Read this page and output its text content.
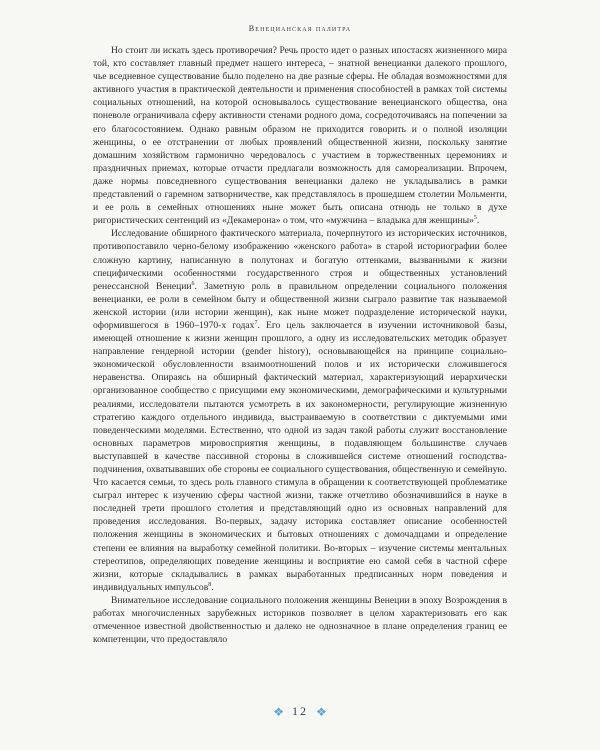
Венецианская палитра

Но стоит ли искать здесь противоречия? Речь просто идет о разных ипостасях жизненного мира той, кто составляет главный предмет нашего интереса, – знатной венецианки далекого прошлого, чье вседневное существование было поделено на две разные сферы. Не обладая возможностями для активного участия в практической деятельности и применения способностей в рамках той системы социальных отношений, на которой основывалось существование венецианского общества, она поневоле ограничивала сферу активности стенами родного дома, сосредоточиваясь на попечении за его благосостоянием. Однако равным образом не приходится говорить и о полной изоляции женщины, о ее отстранении от любых проявлений общественной жизни, поскольку занятие домашним хозяйством гармонично чередовалось с участием в торжественных церемониях и праздничных приемах, которые отчасти предлагали возможность для самореализации. Впрочем, даже нормы повседневного существования венецианки далеко не укладывались в рамки представлений о гаремном затворничестве, как представлялось в прошедшем столетии Мольменти, и ее роль в семейных отношениях ныне может быть описана отнюдь не только в духе ригористических сентенций из «Декамерона» о том, что «мужчина – владыка для женщины»$^5$.

Исследование обширного фактического материала, почерпнутого из исторических источников, противопоставило черно-белому изображению «женского работа» в старой историографии более сложную картину, написанную в полутонах и богатую оттенками, вызванными к жизни специфическими особенностями государственного строя и общественных установлений ренессансной Венеции$^6$. Заметную роль в правильном определении социального положения венецианки, ее роли в семейном быту и общественной жизни сыграло развитие так называемой женской истории (или истории женщин), как ныне может подразделение исторической науки, оформившегося в 1960–1970-х годах$^7$. Его цель заключается в изучении источниковой базы, имеющей отношение к жизни женщин прошлого, а одну из исследовательских методик образует направление гендерной истории (gender history), основывающейся на принципе социально-экономической обусловленности взаимоотношений полов и их исторически сложившегося неравенства. Опираясь на обширный фактический материал, характеризующий иерархически организованное сообщество с присущими ему экономическими, демографическими и культурными реалиями, исследователи пытаются усмотреть в их закономерности, регулирующие жизненную стратегию каждого отдельного индивида, выстраиваемую в соответствии с диктуемыми ими поведенческими моделями. Естественно, что одной из задач такой работы служит восстановление основных параметров мировосприятия женщины, в подавляющем большинстве случаев выступавшей в качестве пассивной стороны в сложившейся системе отношений господства-подчинения, охватывавших обе стороны ее социального существования, общественную и семейную. Что касается семьи, то здесь роль главного стимула в обращении к соответствующей проблематике сыграл интерес к изучению сферы частной жизни, также отчетливо обозначившийся в науке в последней трети прошлого столетия и представляющий одно из основных направлений для проведения исследования. Во-первых, задачу историка составляет описание особенностей положения женщины в экономических и бытовых отношениях с домочадцами и определение степени ее влияния на выработку семейной политики. Во-вторых – изучение системы ментальных стереотипов, определяющих поведение женщины и восприятие ею самой себя в частной сфере жизни, которые складывались в рамках выработанных предписанных норм поведения и индивидуальных импульсов$^8$.

Внимательное исследование социального положения женщины Венеции в эпоху Возрождения в работах многочисленных зарубежных историков позволяет в целом характеризовать его как отмеченное известной двойственностью и далеко не однозначное в плане определения границ ее компетенции, что предоставляло

❖ 12 ❖
